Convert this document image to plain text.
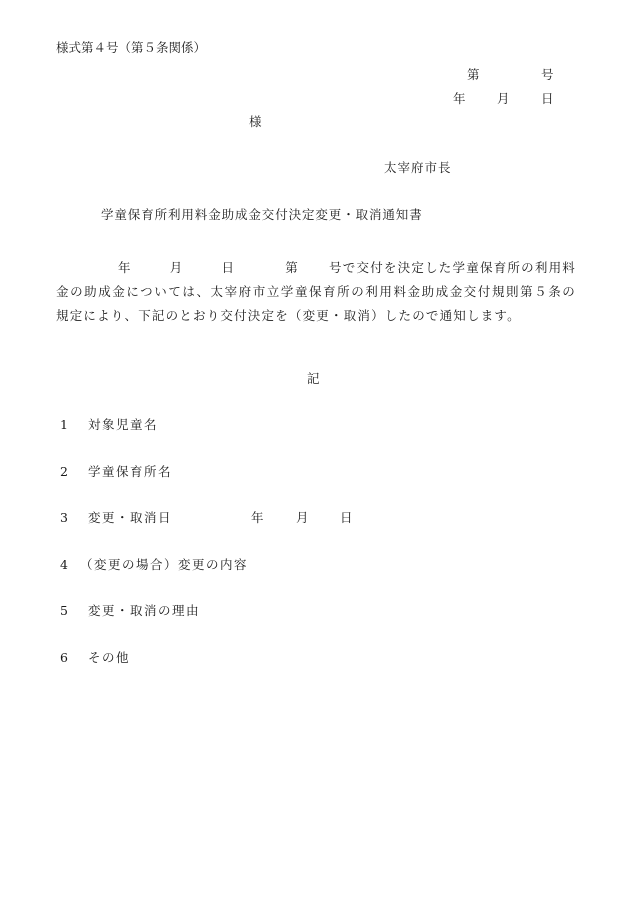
様式第４号（第５条関係）
第	号
年	月	日
様
太宰府市長
学童保育所利用料金助成金交付決定変更・取消通知書
年	月	日	第 号で交付を決定した学童保育所の利用料金の助成金については、太宰府市立学童保育所の利用料金助成金交付規則第５条の規定により、下記のとおり交付決定を（変更・取消）したので通知します。
記
1 対象児童名
2 学童保育所名
3 変更・取消日	年	月	日
4 （変更の場合）変更の内容
5 変更・取消の理由
6 その他
